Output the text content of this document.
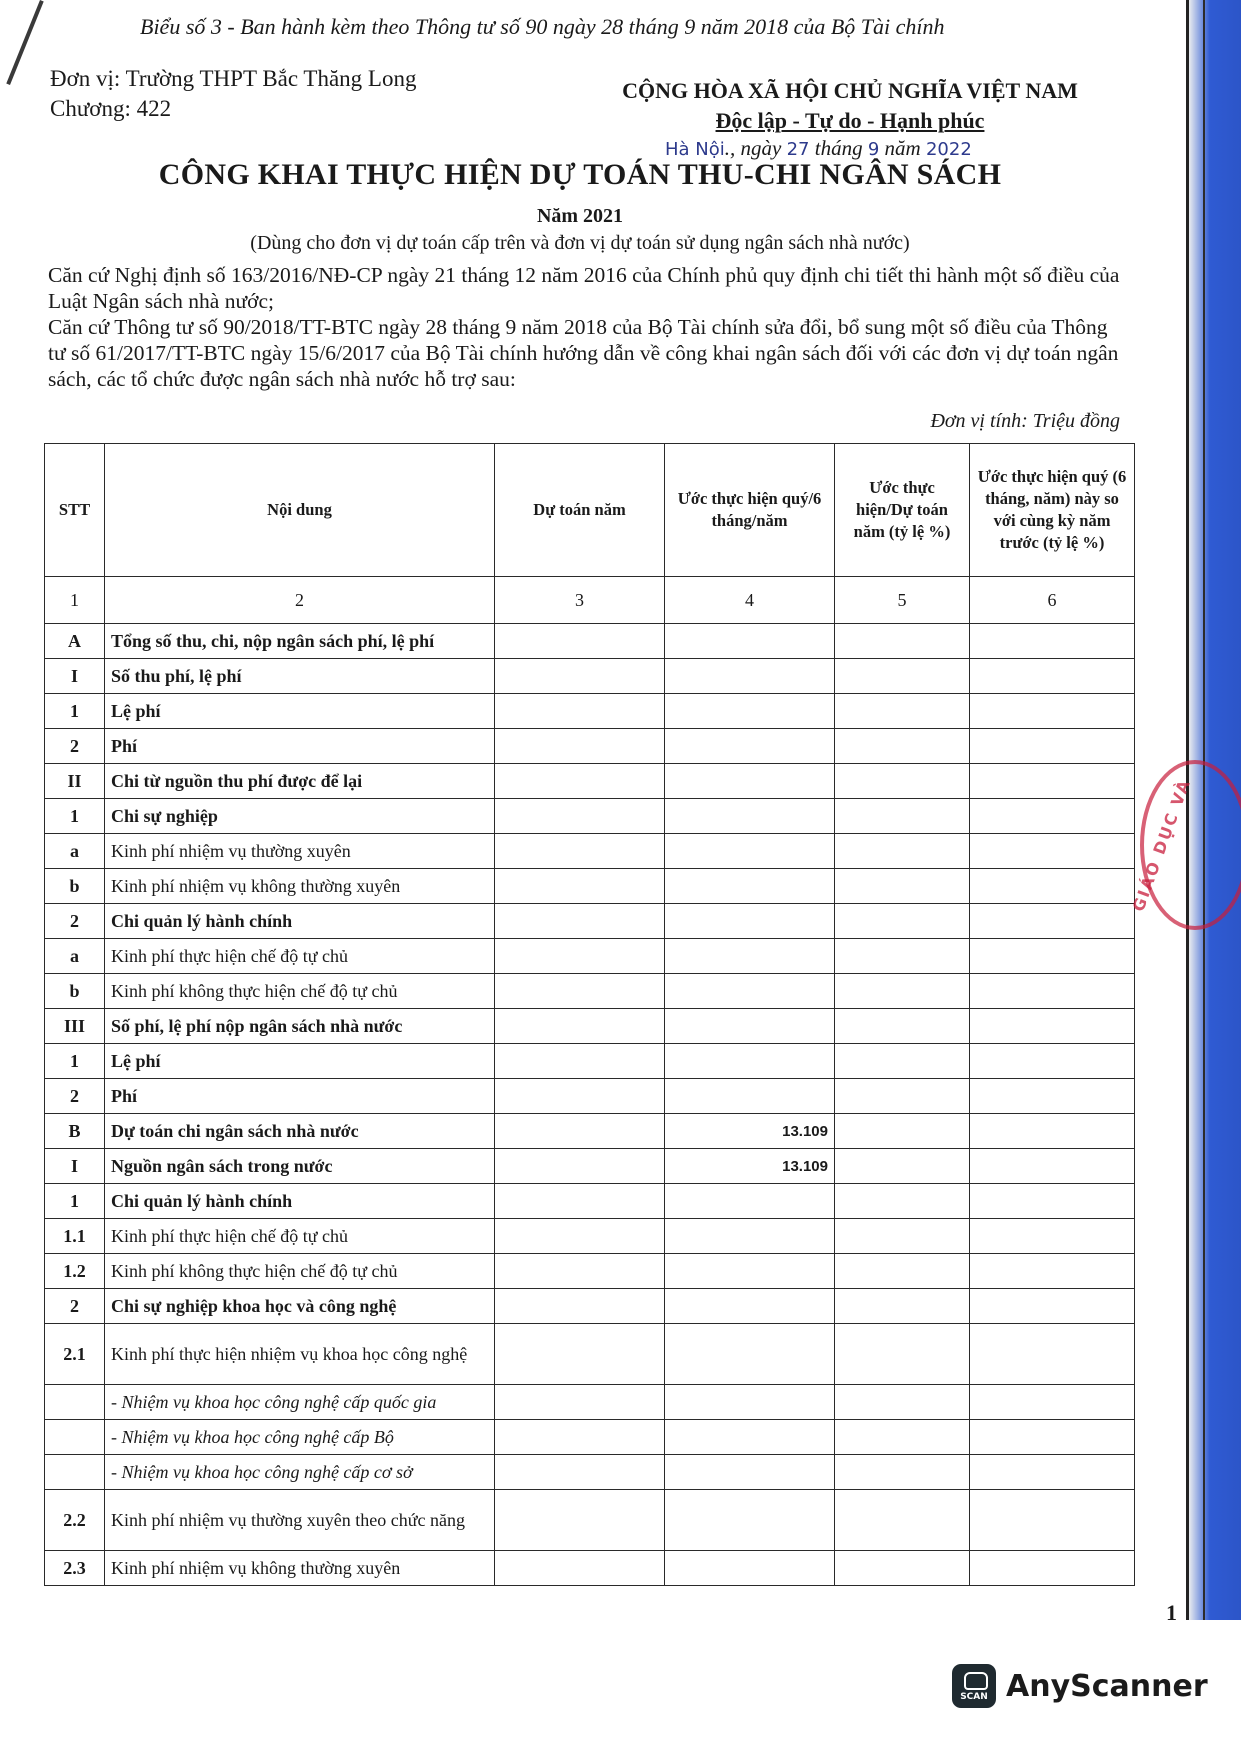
Biểu số 3 - Ban hành kèm theo Thông tư số 90 ngày 28 tháng 9 năm 2018 của Bộ Tài chính
Đơn vị: Trường THPT Bắc Thăng Long
Chương: 422
CỘNG HÒA XÃ HỘI CHỦ NGHĨA VIỆT NAM
Độc lập - Tự do - Hạnh phúc
Hà Nội., ngày 27 tháng 9 năm 2022
CÔNG KHAI THỰC HIỆN DỰ TOÁN THU-CHI NGÂN SÁCH
Năm 2021
(Dùng cho đơn vị dự toán cấp trên và đơn vị dự toán sử dụng ngân sách nhà nước)

Căn cứ Nghị định số 163/2016/NĐ-CP ngày 21 tháng 12 năm 2016 của Chính phủ quy định chi tiết thi hành một số điều của Luật Ngân sách nhà nước;

Căn cứ Thông tư số 90/2018/TT-BTC ngày 28 tháng 9 năm 2018 của Bộ Tài chính sửa đổi, bổ sung một số điều của Thông tư số 61/2017/TT-BTC ngày 15/6/2017 của Bộ Tài chính hướng dẫn về công khai ngân sách đối với các đơn vị dự toán ngân sách, các tổ chức được ngân sách nhà nước hỗ trợ sau:

Đơn vị tính: Triệu đồng
STT	Nội dung	Dự toán năm	Ước thực hiện quý/6 tháng/năm	Ước thực hiện/Dự toán năm (tỷ lệ %)	Ước thực hiện quý (6 tháng, năm) này so với cùng kỳ năm trước (tỷ lệ %)
1	2	3	4	5	6
A	Tổng số thu, chi, nộp ngân sách phí, lệ phí				
I	Số thu phí, lệ phí				
1	Lệ phí				
2	Phí				
II	Chi từ nguồn thu phí được để lại				
1	Chi sự nghiệp				
a	Kinh phí nhiệm vụ thường xuyên				
b	Kinh phí nhiệm vụ không thường xuyên				
2	Chi quản lý hành chính				
a	Kinh phí thực hiện chế độ tự chủ				
b	Kinh phí không thực hiện chế độ tự chủ				
III	Số phí, lệ phí nộp ngân sách nhà nước				
1	Lệ phí				
2	Phí				
B	Dự toán chi ngân sách nhà nước		13.109		
I	Nguồn ngân sách trong nước		13.109		
1	Chi quản lý hành chính				
1.1	Kinh phí thực hiện chế độ tự chủ				
1.2	Kinh phí không thực hiện chế độ tự chủ				
2	Chi sự nghiệp khoa học và công nghệ				
2.1	Kinh phí thực hiện nhiệm vụ khoa học công nghệ				
	- Nhiệm vụ khoa học công nghệ cấp quốc gia				
	- Nhiệm vụ khoa học công nghệ cấp Bộ				
	- Nhiệm vụ khoa học công nghệ cấp cơ sở				
2.2	Kinh phí nhiệm vụ thường xuyên theo chức năng				
2.3	Kinh phí nhiệm vụ không thường xuyên				
GIÁO DỤC VÀ
1
SCAN AnyScanner
